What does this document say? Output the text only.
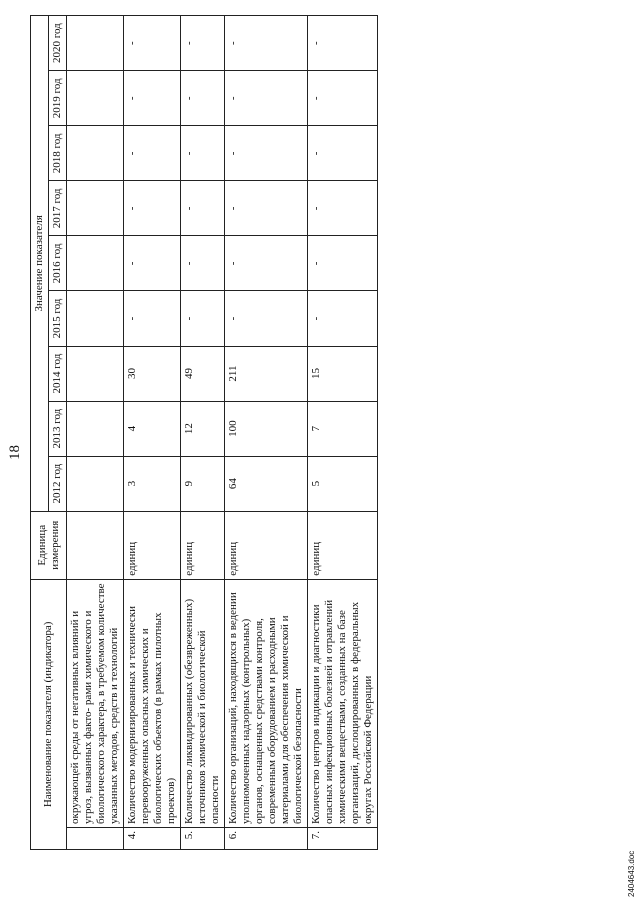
18
Наименование показателя (индикатора)		Единица измерения	Значение показателя								
			2012 год	2013 год	2014 год	2015 год	2016 год	2017 год	2018 год	2019 год	2020 год
	окружающей среды от негативных влияний и угроз, вызванных факто- рами химического и биологического характера, в требуемом количестве указанных методов, средств и технологий										
4.	Количество модернизированных и технически перевооруженных опасных химических и биологических объектов (в рамках пилотных проектов)	единиц	3	4	30	-	-	-	-	-	-
5.	Количество ликвидированных (обезвреженных) источников химической и биологической опасности	единиц	9	12	49	-	-	-	-	-	-
6.	Количество организаций, находящихся в ведении уполномоченных надзорных (контрольных) органов, оснащенных средствами контроля, современным оборудованием и расходными материалами для обеспечения химической и биологической безопасности	единиц	64	100	211	-	-	-	-	-	-
7.	Количество центров индикации и диагностики опасных инфекционных болезней и отравлений химическими веществами, созданных на базе организаций, дислоцированных в федеральных округах Российской Федерации	единиц	5	7	15	-	-	-	-	-	-
2404643.doc
